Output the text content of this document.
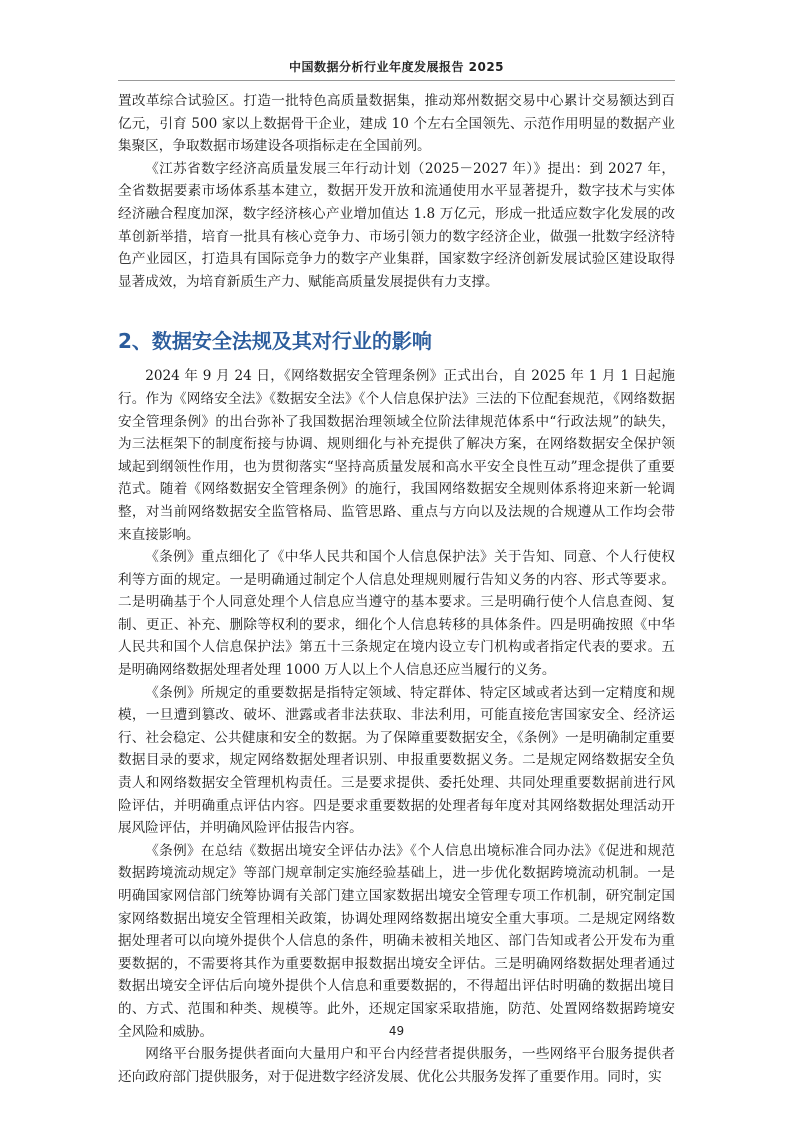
中国数据分析行业年度发展报告 2025

置改革综合试验区。打造一批特色高质量数据集，推动郑州数据交易中心累计交易额达到百亿元，引育 500 家以上数据骨干企业，建成 10 个左右全国领先、示范作用明显的数据产业集聚区，争取数据市场建设各项指标走在全国前列。

《江苏省数字经济高质量发展三年行动计划（2025－2027 年）》提出：到 2027 年，全省数据要素市场体系基本建立，数据开发开放和流通使用水平显著提升，数字技术与实体经济融合程度加深，数字经济核心产业增加值达 1.8 万亿元，形成一批适应数字化发展的改革创新举措，培育一批具有核心竞争力、市场引领力的数字经济企业，做强一批数字经济特色产业园区，打造具有国际竞争力的数字产业集群，国家数字经济创新发展试验区建设取得显著成效，为培育新质生产力、赋能高质量发展提供有力支撑。

2、数据安全法规及其对行业的影响

2024 年 9 月 24 日，《网络数据安全管理条例》正式出台，自 2025 年 1 月 1 日起施行。作为《网络安全法》《数据安全法》《个人信息保护法》三法的下位配套规范，《网络数据安全管理条例》的出台弥补了我国数据治理领域全位阶法律规范体系中“行政法规”的缺失，为三法框架下的制度衔接与协调、规则细化与补充提供了解决方案，在网络数据安全保护领域起到纲领性作用，也为贯彻落实“坚持高质量发展和高水平安全良性互动”理念提供了重要范式。随着《网络数据安全管理条例》的施行，我国网络数据安全规则体系将迎来新一轮调整，对当前网络数据安全监管格局、监管思路、重点与方向以及法规的合规遵从工作均会带来直接影响。

《条例》重点细化了《中华人民共和国个人信息保护法》关于告知、同意、个人行使权利等方面的规定。一是明确通过制定个人信息处理规则履行告知义务的内容、形式等要求。二是明确基于个人同意处理个人信息应当遵守的基本要求。三是明确行使个人信息查阅、复制、更正、补充、删除等权利的要求，细化个人信息转移的具体条件。四是明确按照《中华人民共和国个人信息保护法》第五十三条规定在境内设立专门机构或者指定代表的要求。五是明确网络数据处理者处理 1000 万人以上个人信息还应当履行的义务。

《条例》所规定的重要数据是指特定领域、特定群体、特定区域或者达到一定精度和规模，一旦遭到篡改、破坏、泄露或者非法获取、非法利用，可能直接危害国家安全、经济运行、社会稳定、公共健康和安全的数据。为了保障重要数据安全，《条例》一是明确制定重要数据目录的要求，规定网络数据处理者识别、申报重要数据义务。二是规定网络数据安全负责人和网络数据安全管理机构责任。三是要求提供、委托处理、共同处理重要数据前进行风险评估，并明确重点评估内容。四是要求重要数据的处理者每年度对其网络数据处理活动开展风险评估，并明确风险评估报告内容。

《条例》在总结《数据出境安全评估办法》《个人信息出境标准合同办法》《促进和规范数据跨境流动规定》等部门规章制定实施经验基础上，进一步优化数据跨境流动机制。一是明确国家网信部门统筹协调有关部门建立国家数据出境安全管理专项工作机制，研究制定国家网络数据出境安全管理相关政策，协调处理网络数据出境安全重大事项。二是规定网络数据处理者可以向境外提供个人信息的条件，明确未被相关地区、部门告知或者公开发布为重要数据的，不需要将其作为重要数据申报数据出境安全评估。三是明确网络数据处理者通过数据出境安全评估后向境外提供个人信息和重要数据的，不得超出评估时明确的数据出境目的、方式、范围和种类、规模等。此外，还规定国家采取措施，防范、处置网络数据跨境安全风险和威胁。

网络平台服务提供者面向大量用户和平台内经营者提供服务，一些网络平台服务提供者还向政府部门提供服务，对于促进数字经济发展、优化公共服务发挥了重要作用。同时，实

49
